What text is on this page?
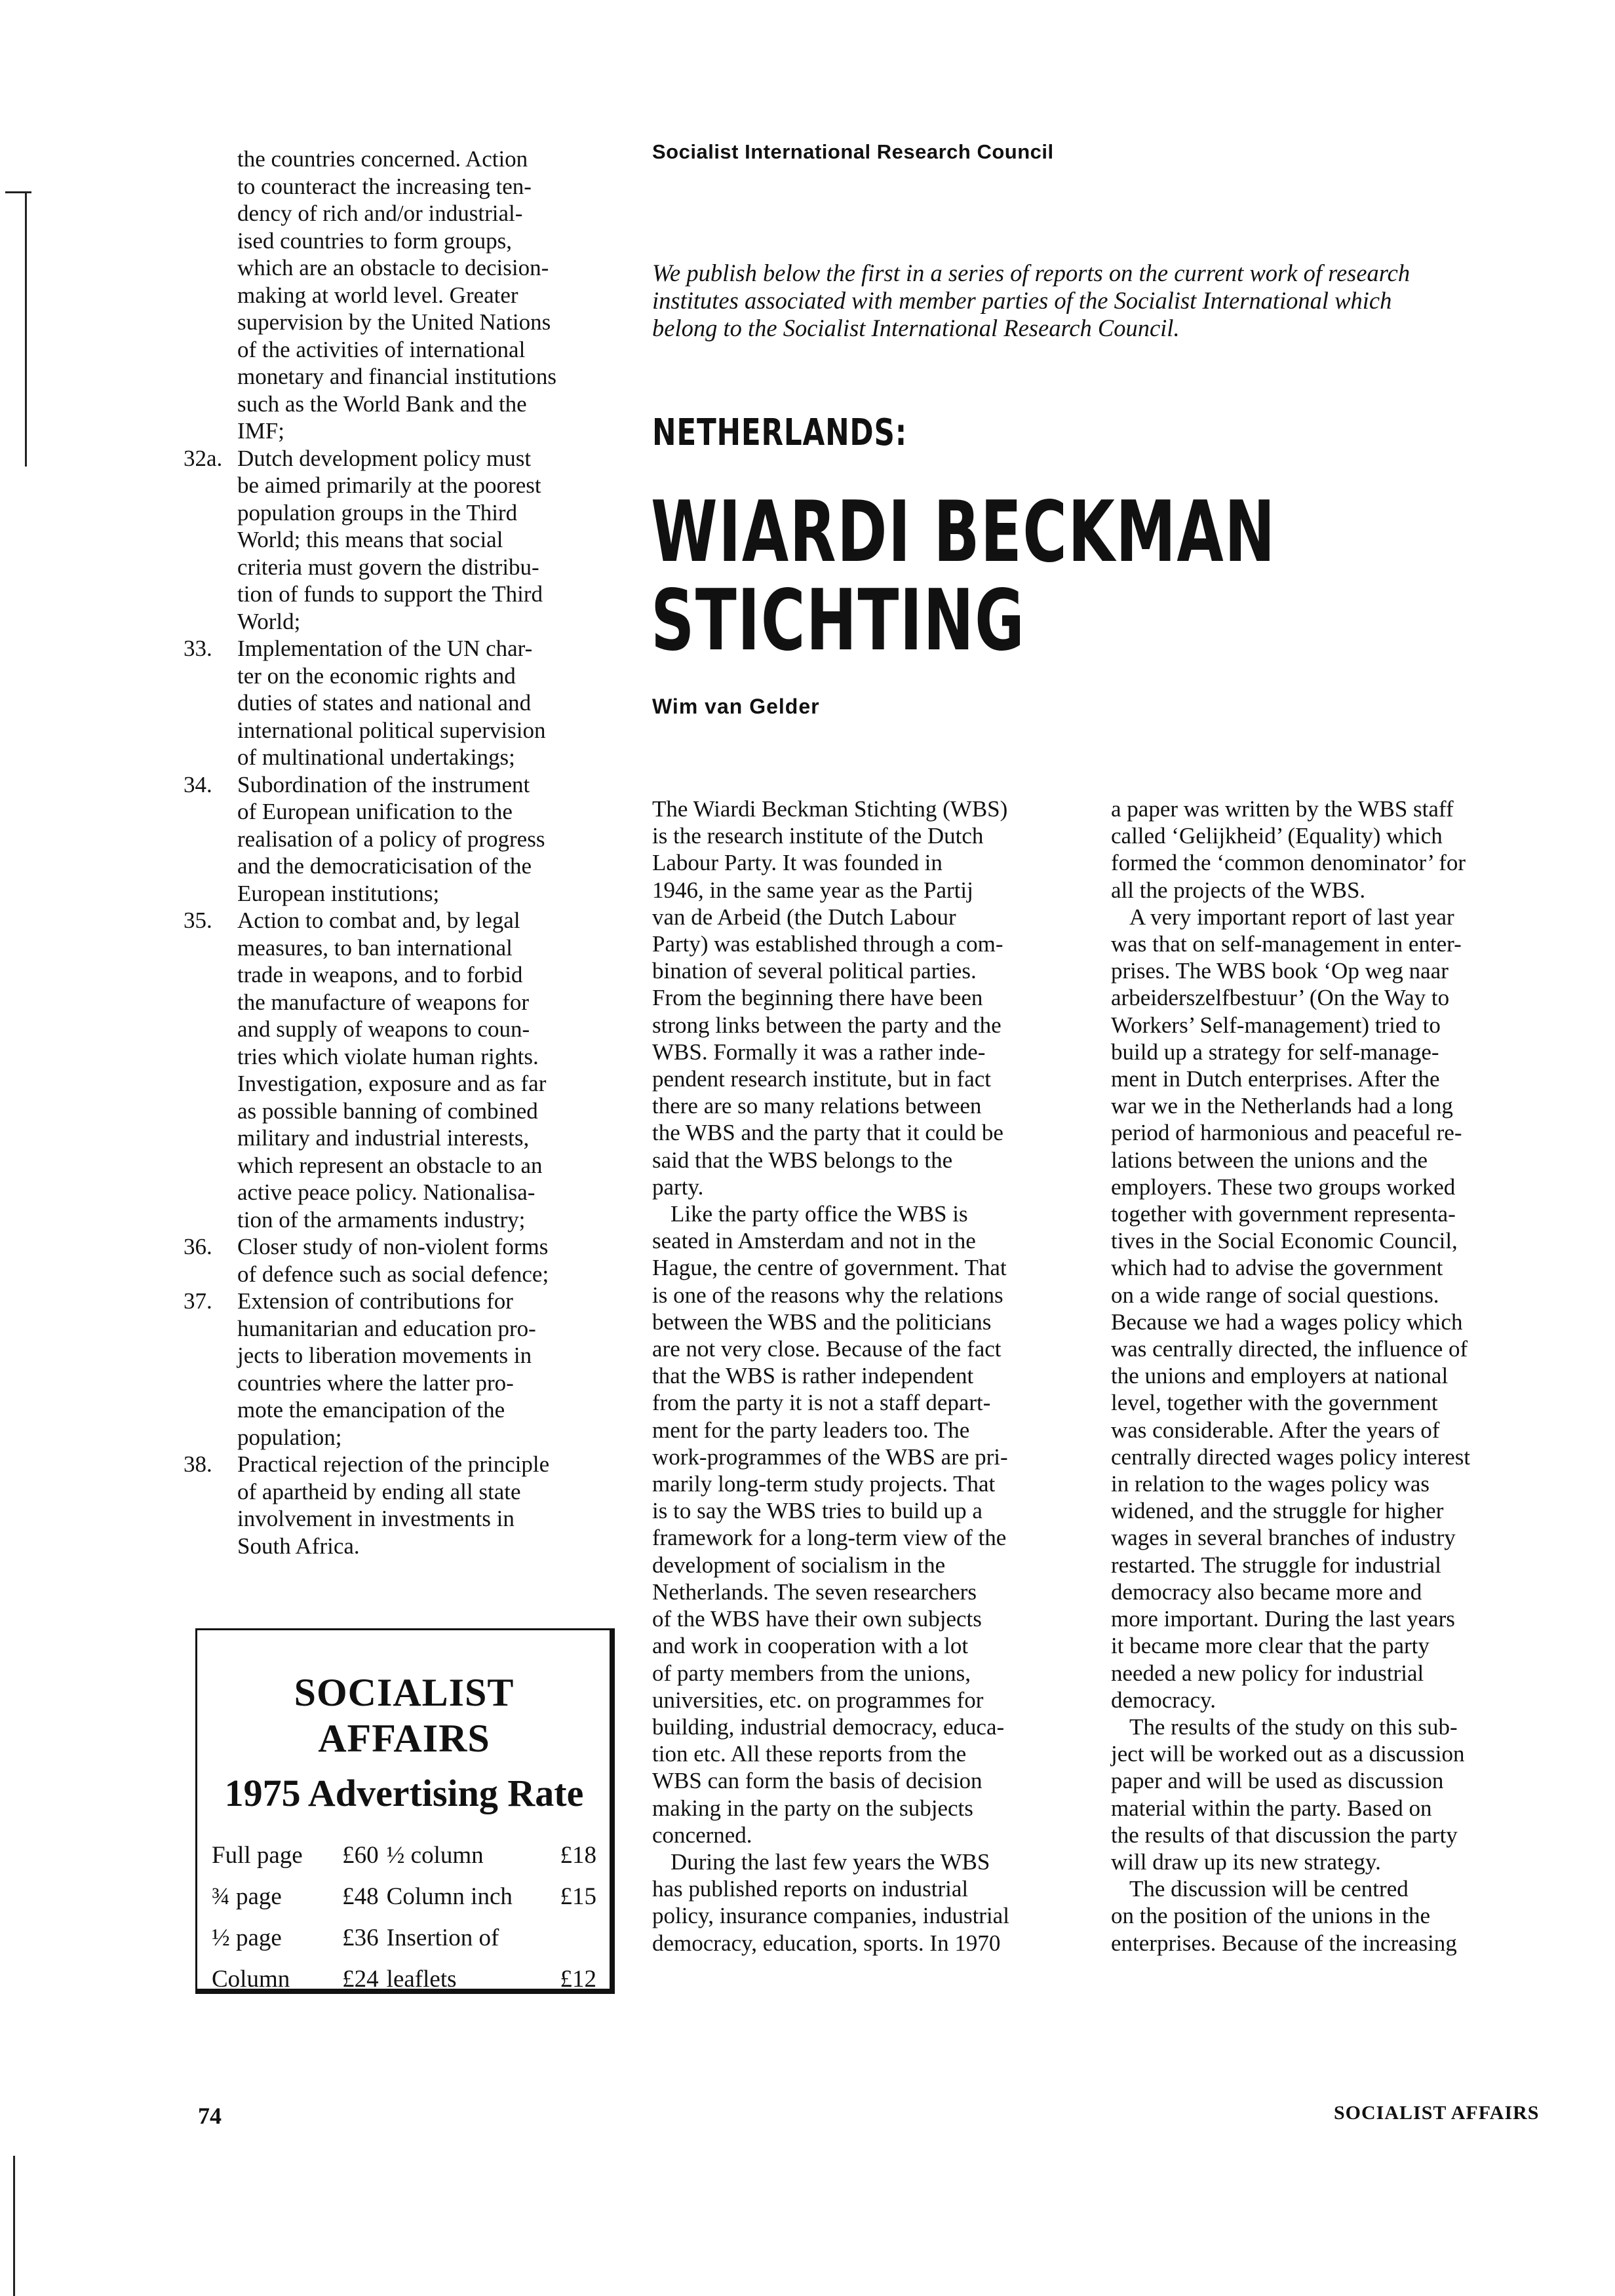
the countries concerned. Action
to counteract the increasing ten-
dency of rich and/or industrial-
ised countries to form groups,
which are an obstacle to decision-
making at world level. Greater
supervision by the United Nations
of the activities of international
monetary and financial institutions
such as the World Bank and the
IMF;
32a. Dutch development policy must
be aimed primarily at the poorest
population groups in the Third
World; this means that social
criteria must govern the distribu-
tion of funds to support the Third
World;
33.	Implementation of the UN char-
ter on the economic rights and
duties of states and national and
international political supervision
of multinational undertakings;
34.	Subordination of the instrument
of European unification to the
realisation of a policy of progress
and the democraticisation of the
European institutions;
35.	Action to combat and, by legal
measures, to ban international
trade in weapons, and to forbid
the manufacture of weapons for
and supply of weapons to coun-
tries which violate human rights.
Investigation, exposure and as far
as possible banning of combined
military and industrial interests,
which represent an obstacle to an
active peace policy. Nationalisa-
tion of the armaments industry;
36.	Closer study of non-violent forms
of defence such as social defence;
37.	Extension of contributions for
humanitarian and education pro-
jects to liberation movements in
countries where the latter pro-
mote the emancipation of the
population;
38.	Practical rejection of the principle
of apartheid by ending all state
involvement in investments in
South Africa.
SOCIALIST AFFAIRS
1975 Advertising Rate
Full page	£60	½ column	£18
¾ page	£48	Column inch	£15
½ page	£36	Insertion of	
Column	£24	leaflets	£12
Socialist International Research Council
We publish below the first in a series of reports on the current work of research
institutes associated with member parties of the Socialist International which
belong to the Socialist International Research Council.
NETHERLANDS:
WIARDI BECKMAN
STICHTING
Wim van Gelder

The Wiardi Beckman Stichting (WBS)

is the research institute of the Dutch

Labour Party. It was founded in

1946, in the same year as the Partij

van de Arbeid (the Dutch Labour

Party) was established through a com-

bination of several political parties.

From the beginning there have been

strong links between the party and the

WBS. Formally it was a rather inde-

pendent research institute, but in fact

there are so many relations between

the WBS and the party that it could be

said that the WBS belongs to the

party.

Like the party office the WBS is

seated in Amsterdam and not in the

Hague, the centre of government. That

is one of the reasons why the relations

between the WBS and the politicians

are not very close. Because of the fact

that the WBS is rather independent

from the party it is not a staff depart-

ment for the party leaders too. The

work-programmes of the WBS are pri-

marily long-term study projects. That

is to say the WBS tries to build up a

framework for a long-term view of the

development of socialism in the

Netherlands. The seven researchers

of the WBS have their own subjects

and work in cooperation with a lot

of party members from the unions,

universities, etc. on programmes for

building, industrial democracy, educa-

tion etc. All these reports from the

WBS can form the basis of decision

making in the party on the subjects

concerned.

During the last few years the WBS

has published reports on industrial

policy, insurance companies, industrial

democracy, education, sports. In 1970

a paper was written by the WBS staff

called ‘Gelijkheid’ (Equality) which

formed the ‘common denominator’ for

all the projects of the WBS.

A very important report of last year

was that on self-management in enter-

prises. The WBS book ‘Op weg naar

arbeiderszelfbestuur’ (On the Way to

Workers’ Self-management) tried to

build up a strategy for self-manage-

ment in Dutch enterprises. After the

war we in the Netherlands had a long

period of harmonious and peaceful re-

lations between the unions and the

employers. These two groups worked

together with government representa-

tives in the Social Economic Council,

which had to advise the government

on a wide range of social questions.

Because we had a wages policy which

was centrally directed, the influence of

the unions and employers at national

level, together with the government

was considerable. After the years of

centrally directed wages policy interest

in relation to the wages policy was

widened, and the struggle for higher

wages in several branches of industry

restarted. The struggle for industrial

democracy also became more and

more important. During the last years

it became more clear that the party

needed a new policy for industrial

democracy.

The results of the study on this sub-

ject will be worked out as a discussion

paper and will be used as discussion

material within the party. Based on

the results of that discussion the party

will draw up its new strategy.

The discussion will be centred

on the position of the unions in the

enterprises. Because of the increasing

74	SOCIALIST AFFAIRS
